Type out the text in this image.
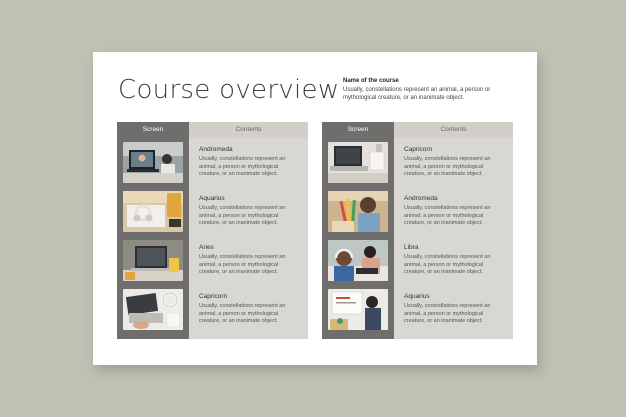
Course overview Name of the course
Usually, constellations represent an animal, a person or mythological creature, or an inanimate object.
Screen	Contents
Andromeda
Usually, constellations represent an animal, a person or mythological creature, or an inanimate object.
Aquarius
Usually, constellations represent an animal, a person or mythological creature, or an inanimate object.
Aries
Usually, constellations represent an animal, a person or mythological creature, or an inanimate object.
Capricorn
Usually, constellations represent an animal, a person or mythological creature, or an inanimate object.
Screen	Contents
Capricorn
Usually, constellations represent an animal, a person or mythological creature, or an inanimate object.
Andromeda
Usually, constellations represent an animal, a person or mythological creature, or an inanimate object.
Libra
Usually, constellations represent an animal, a person or mythological creature, or an inanimate object.
Aquarius
Usually, constellations represent an animal, a person or mythological creature, or an inanimate object.
